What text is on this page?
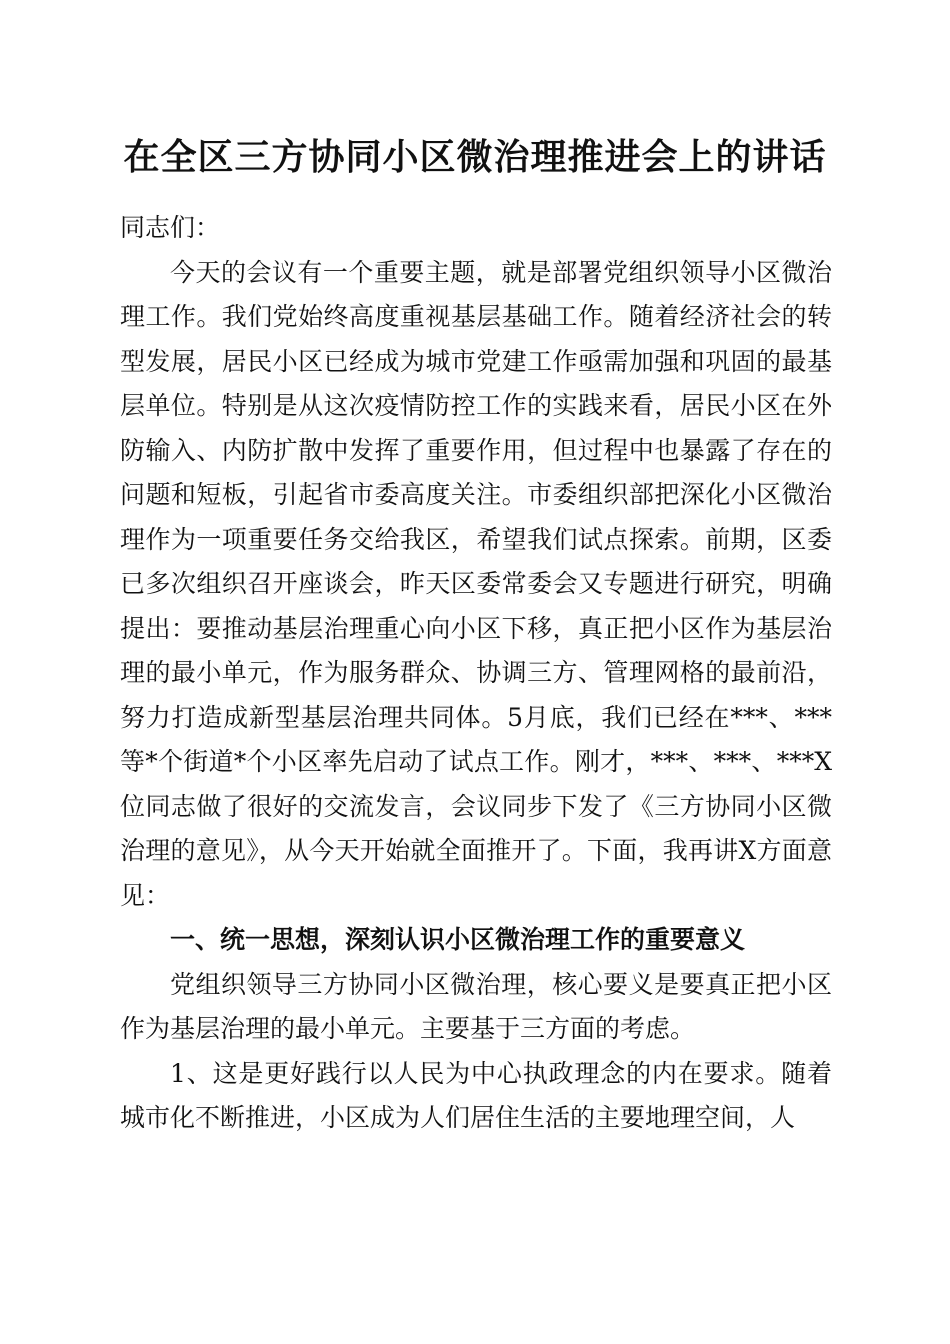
在全区三方协同小区微治理推进会上的讲话

同志们：

今天的会议有一个重要主题，就是部署党组织领导小区微治理工作。我们党始终高度重视基层基础工作。随着经济社会的转型发展，居民小区已经成为城市党建工作亟需加强和巩固的最基层单位。特别是从这次疫情防控工作的实践来看，居民小区在外防输入、内防扩散中发挥了重要作用，但过程中也暴露了存在的问题和短板，引起省市委高度关注。市委组织部把深化小区微治理作为一项重要任务交给我区，希望我们试点探索。前期，区委已多次组织召开座谈会，昨天区委常委会又专题进行研究，明确提出：要推动基层治理重心向小区下移，真正把小区作为基层治理的最小单元，作为服务群众、协调三方、管理网格的最前沿，努力打造成新型基层治理共同体。5月底，我们已经在***、***等*个街道*个小区率先启动了试点工作。刚才，***、***、***X位同志做了很好的交流发言，会议同步下发了《三方协同小区微治理的意见》，从今天开始就全面推开了。下面，我再讲X方面意见：

一、统一思想，深刻认识小区微治理工作的重要意义

党组织领导三方协同小区微治理，核心要义是要真正把小区作为基层治理的最小单元。主要基于三方面的考虑。

1、这是更好践行以人民为中心执政理念的内在要求。随着城市化不断推进，小区成为人们居住生活的主要地理空间，人
